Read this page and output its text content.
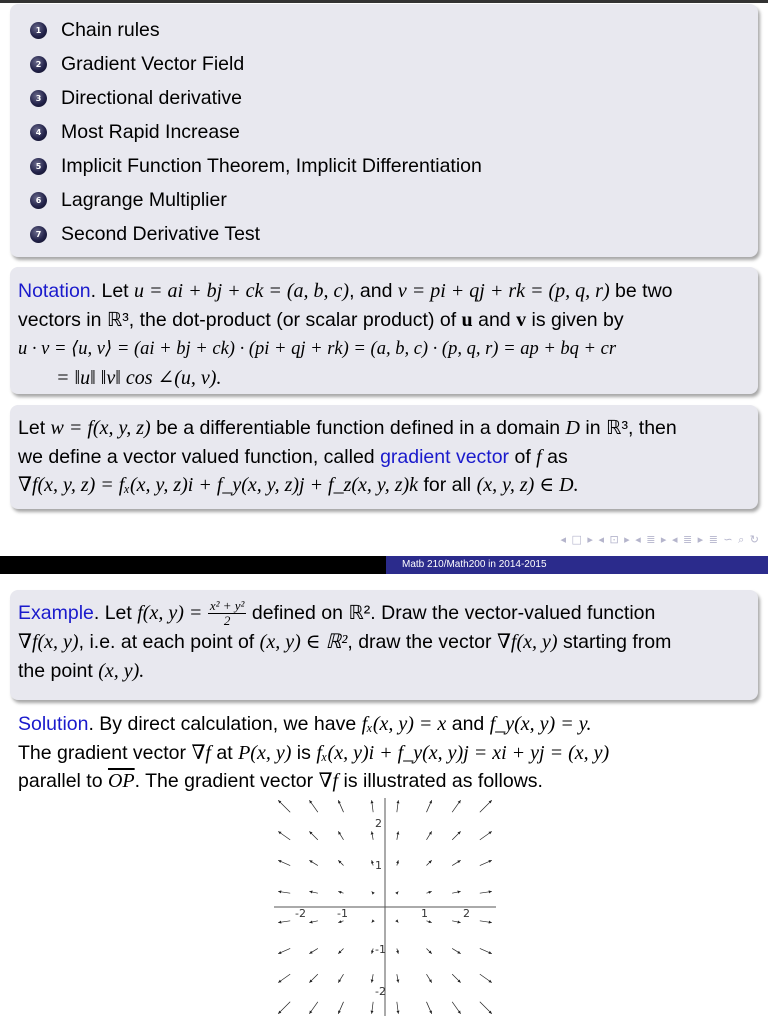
1 Chain rules
2 Gradient Vector Field
3 Directional derivative
4 Most Rapid Increase
5 Implicit Function Theorem, Implicit Differentiation
6 Lagrange Multiplier
7 Second Derivative Test
Notation. Let u = ai + bj + ck = (a, b, c), and v = pi + qj + rk = (p, q, r) be two
vectors in ℝ³, the dot-product (or scalar product) of u and v is given by
u · v = ⟨u, v⟩ = (ai + bj + ck) · (pi + qj + rk) = (a, b, c) · (p, q, r) = ap + bq + cr
= ‖u‖ ‖v‖ cos ∠(u, v).
Let w = f(x, y, z) be a differentiable function defined in a domain D in ℝ³, then
we define a vector valued function, called gradient vector of f as
∇f(x, y, z) = fₓ(x, y, z)i + f_y(x, y, z)j + f_z(x, y, z)k for all (x, y, z) ∈ D.
◂ □ ▸ ◂ ⊡ ▸ ◂ ≣ ▸ ◂ ≣ ▸ ≣ ∽ ⌕ ↻
Matb 210/Math200 in 2014-2015
Example. Let f(x, $y) = \frac{\text{x² + y²}}{2}$ defined on ℝ². Draw the vector-valued function
∇f(x, y), i.e. at each point of (x, y) ∈ ℝ², draw the vector ∇f(x, y) starting from
the point (x, y).
Solution. By direct calculation, we have fₓ(x, y) = x and f_y(x, y) = y.
The gradient vector ∇f at P(x, y) is fₓ(x, y)i + f_y(x, y)j = xi + yj = (x, y)
parallel to $\overline{OP}$. The gradient vector ∇f is illustrated as follows.
-2	-1	1	2
2
1
-1
-2
